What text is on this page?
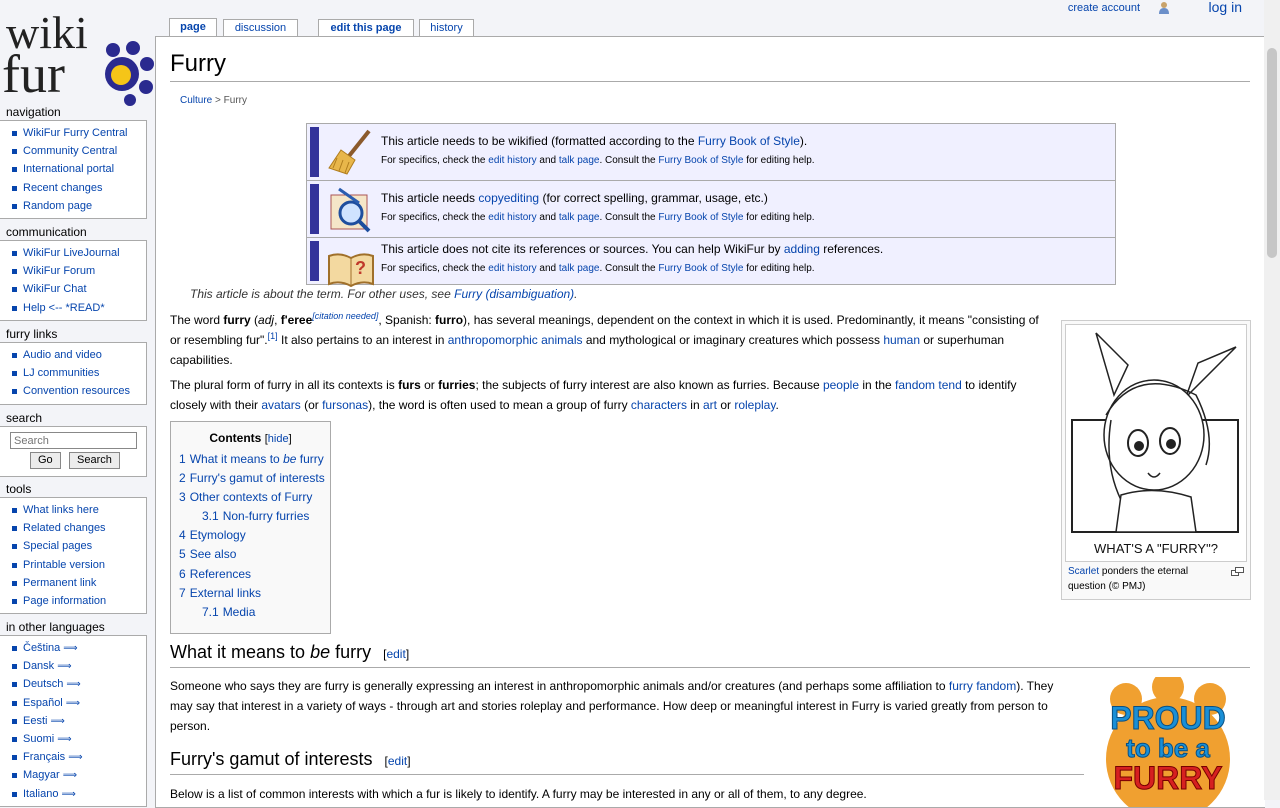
wiki
fur
page	discussion	edit this page	history
create account	log in
navigation
WikiFur Furry Central
Community Central
International portal
Recent changes
Random page
communication
WikiFur LiveJournal
WikiFur Forum
WikiFur Chat
Help <-- *READ*
furry links
Audio and video
LJ communities
Convention resources
search
Search
Go Search
tools
What links here
Related changes
Special pages
Printable version
Permanent link
Page information
in other languages
Čeština ⟹
Dansk ⟹
Deutsch ⟹
Español ⟹
Eesti ⟹
Suomi ⟹
Français ⟹
Magyar ⟹
Italiano ⟹
Furry
Culture > Furry
This article needs to be wikified (formatted according to the Furry Book of Style).
For specifics, check the edit history and talk page. Consult the Furry Book of Style for editing help.
This article needs copyediting (for correct spelling, grammar, usage, etc.)
For specifics, check the edit history and talk page. Consult the Furry Book of Style for editing help.
?
This article does not cite its references or sources. You can help WikiFur by adding references.
For specifics, check the edit history and talk page. Consult the Furry Book of Style for editing help.
This article is about the term. For other uses, see Furry (disambiguation).
The word furry (adj, f'eree[citation needed], Spanish: furro), has several meanings, dependent on the context in which it is used. Predominantly, it means "consisting of or resembling fur".[1] It also pertains to an interest in anthropomorphic animals and mythological or imaginary creatures which possess human or superhuman capabilities.
The plural form of furry in all its contexts is furs or furries; the subjects of furry interest are also known as furries. Because people in the fandom tend to identify closely with their avatars (or fursonas), the word is often used to mean a group of furry characters in art or roleplay.
WHAT'S A "FURRY"?
Scarlet ponders the eternal question (© PMJ)
Contents [hide]
1 What it means to be furry
2 Furry's gamut of interests
3 Other contexts of Furry
3.1 Non-furry furries
4 Etymology
5 See also
6 References
7 External links
7.1 Media
What it means to be furry [edit]
Someone who says they are furry is generally expressing an interest in anthropomorphic animals and/or creatures (and perhaps some affiliation to furry fandom). They may say that interest in a variety of ways - through art and stories roleplay and performance. How deep or meaningful interest in Furry is varied greatly from person to person.
Furry's gamut of interests [edit]
Below is a list of common interests with which a fur is likely to identify. A furry may be interested in any or all of them, to any degree.
PROUD
to be a
FURRY
